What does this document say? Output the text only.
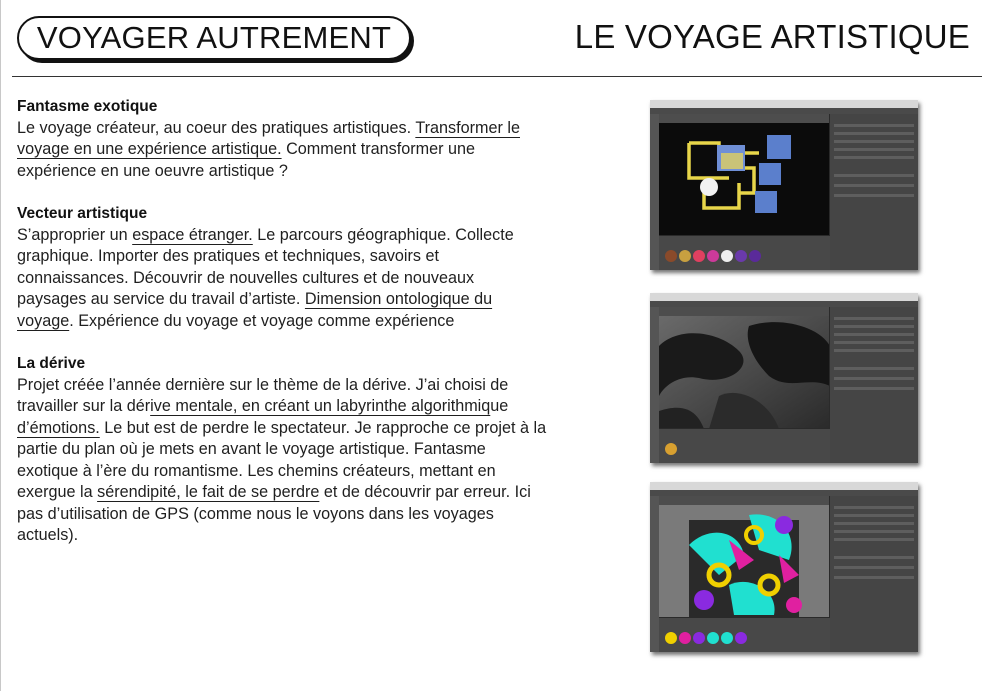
VOYAGER AUTREMENT	LE VOYAGE ARTISTIQUE
Fantasme exotique

Le voyage créateur, au coeur des pratiques artistiques. Transformer le voyage en une expérience artistique. Comment transformer une expérience en une oeuvre artistique ?

Vecteur artistique

S’approprier un espace étranger. Le parcours géographique. Collecte graphique. Importer des pratiques et techniques, savoirs et connaissances. Découvrir de nouvelles cultures et de nouveaux paysages au service du travail d’artiste. Dimension ontologique du voyage. Expérience du voyage et voyage comme expérience

La dérive

Projet créée l’année dernière sur le thème de la dérive. J’ai choisi de travailler sur la dérive mentale, en créant un labyrinthe algorithmique d’émotions. Le but est de perdre le spectateur. Je rapproche ce projet à la partie du plan où je mets en avant le voyage artistique. Fantasme exotique à l’ère du romantisme. Les chemins créateurs, mettant en exergue la sérendipité, le fait de se perdre et de découvrir par erreur. Ici pas d’utilisation de GPS (comme nous le voyons dans les voyages actuels).
